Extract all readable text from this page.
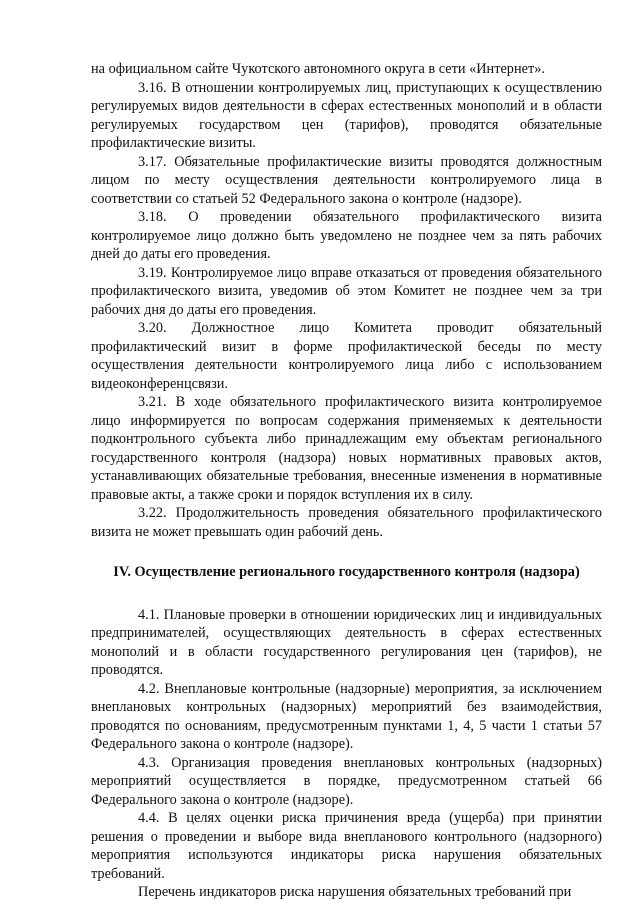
на официальном сайте Чукотского автономного округа в сети «Интернет».

3.16. В отношении контролируемых лиц, приступающих к осуществлению регулируемых видов деятельности в сферах естественных монополий и в области регулируемых государством цен (тарифов), проводятся обязательные профилактические визиты.

3.17. Обязательные профилактические визиты проводятся должностным лицом по месту осуществления деятельности контролируемого лица в соответствии со статьей 52 Федерального закона о контроле (надзоре).

3.18. О проведении обязательного профилактического визита контролируемое лицо должно быть уведомлено не позднее чем за пять рабочих дней до даты его проведения.

3.19. Контролируемое лицо вправе отказаться от проведения обязательного профилактического визита, уведомив об этом Комитет не позднее чем за три рабочих дня до даты его проведения.

3.20. Должностное лицо Комитета проводит обязательный профилактический визит в форме профилактической беседы по месту осуществления деятельности контролируемого лица либо с использованием видеоконференцсвязи.

3.21. В ходе обязательного профилактического визита контролируемое лицо информируется по вопросам содержания применяемых к деятельности подконтрольного субъекта либо принадлежащим ему объектам регионального государственного контроля (надзора) новых нормативных правовых актов, устанавливающих обязательные требования, внесенные изменения в нормативные правовые акты, а также сроки и порядок вступления их в силу.

3.22. Продолжительность проведения обязательного профилактического визита не может превышать один рабочий день.

IV. Осуществление регионального государственного контроля (надзора)

4.1. Плановые проверки в отношении юридических лиц и индивидуальных предпринимателей, осуществляющих деятельность в сферах естественных монополий и в области государственного регулирования цен (тарифов), не проводятся.

4.2. Внеплановые контрольные (надзорные) мероприятия, за исключением внеплановых контрольных (надзорных) мероприятий без взаимодействия, проводятся по основаниям, предусмотренным пунктами 1, 4, 5 части 1 статьи 57 Федерального закона о контроле (надзоре).

4.3. Организация проведения внеплановых контрольных (надзорных) мероприятий осуществляется в порядке, предусмотренном статьей 66 Федерального закона о контроле (надзоре).

4.4. В целях оценки риска причинения вреда (ущерба) при принятии решения о проведении и выборе вида внепланового контрольного (надзорного) мероприятия используются индикаторы риска нарушения обязательных требований.

Перечень индикаторов риска нарушения обязательных требований при
